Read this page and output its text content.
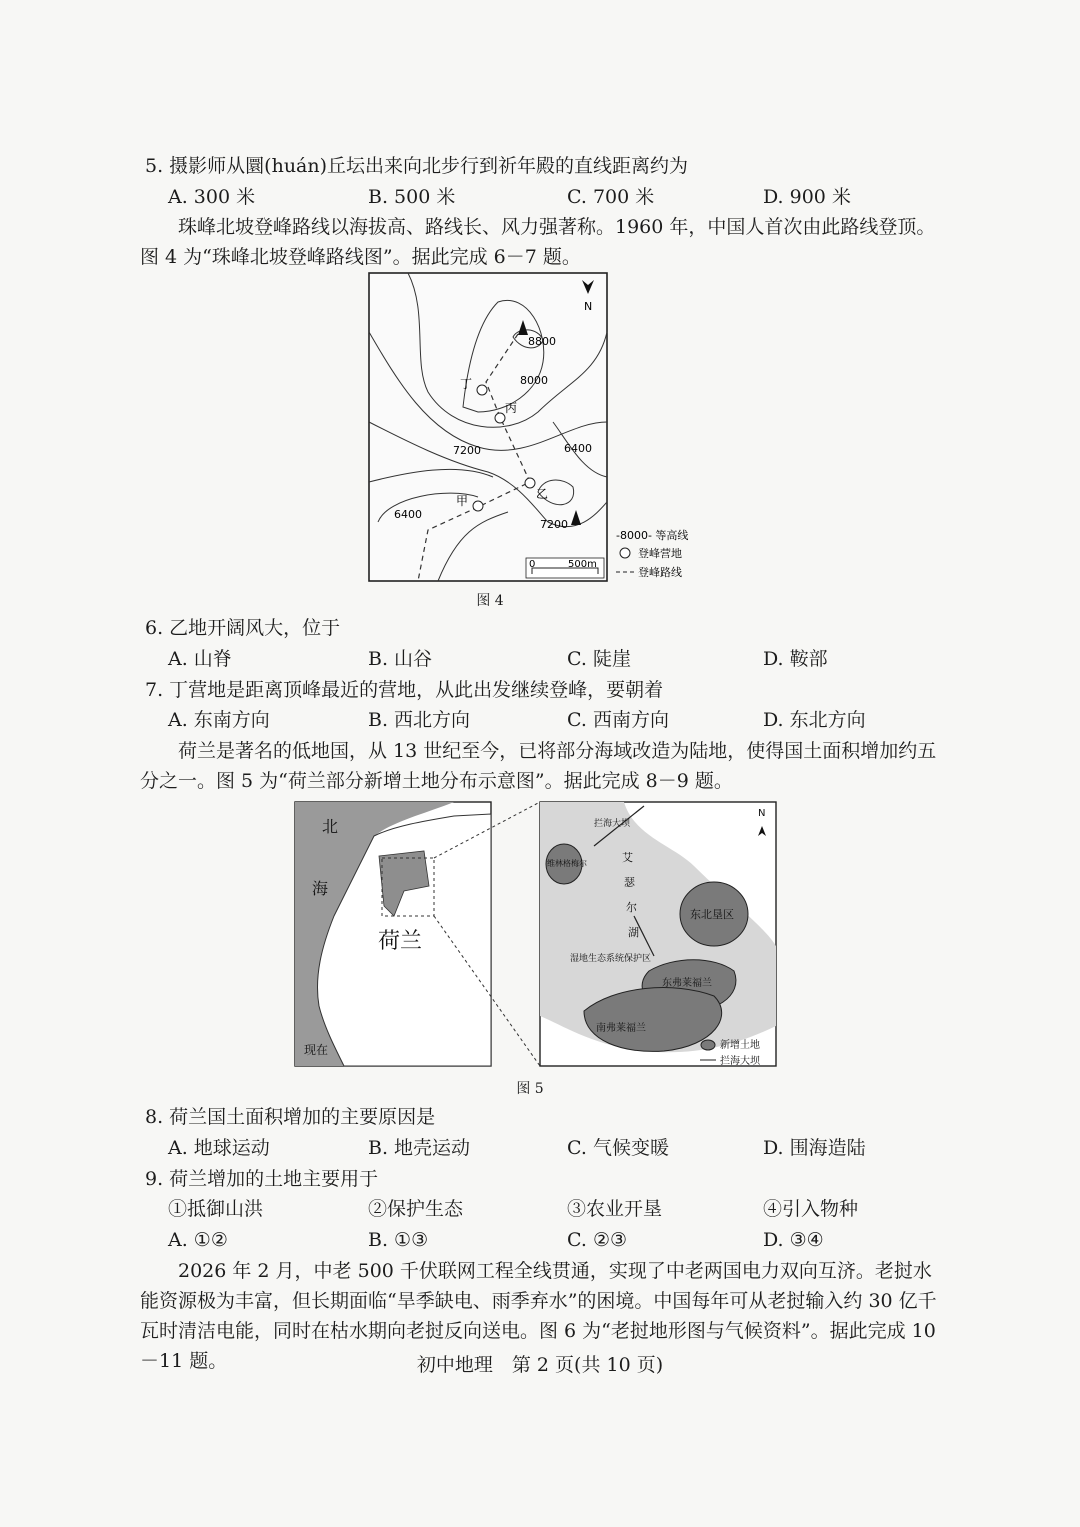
5. 摄影师从圜(huán)丘坛出来向北步行到祈年殿的直线距离约为
A. 300 米	B. 500 米	C. 700 米	D. 900 米
珠峰北坡登峰路线以海拔高、路线长、风力强著称。1960 年，中国人首次由此路线登顶。图 4 为“珠峰北坡登峰路线图”。据此完成 6－7 题。
8800
8000
7200	6400
6400
7200
丁
丙
乙
甲
N
0	500m
-8000- 等高线
登峰营地
登峰路线
图 4
6. 乙地开阔风大，位于
A. 山脊	B. 山谷	C. 陡崖	D. 鞍部
7. 丁营地是距离顶峰最近的营地，从此出发继续登峰，要朝着
A. 东南方向	B. 西北方向	C. 西南方向	D. 东北方向
荷兰是著名的低地国，从 13 世纪至今，已将部分海域改造为陆地，使得国土面积增加约五分之一。图 5 为“荷兰部分新增土地分布示意图”。据此完成 8－9 题。
北
海
荷兰
现在
拦海大坝
维林格梅尔	艾
瑟
尔
湖
东北垦区
湿地生态系统保护区
东弗莱福兰
南弗莱福兰
N
新增土地
拦海大坝
图 5
8. 荷兰国土面积增加的主要原因是
A. 地球运动	B. 地壳运动	C. 气候变暖	D. 围海造陆
9. 荷兰增加的土地主要用于
①抵御山洪	②保护生态	③农业开垦	④引入物种
A. ①②	B. ①③	C. ②③	D. ③④
2026 年 2 月，中老 500 千伏联网工程全线贯通，实现了中老两国电力双向互济。老挝水能资源极为丰富，但长期面临“旱季缺电、雨季弃水”的困境。中国每年可从老挝输入约 30 亿千瓦时清洁电能，同时在枯水期向老挝反向送电。图 6 为“老挝地形图与气候资料”。据此完成 10－11 题。	初中地理　第 2 页(共 10 页)
